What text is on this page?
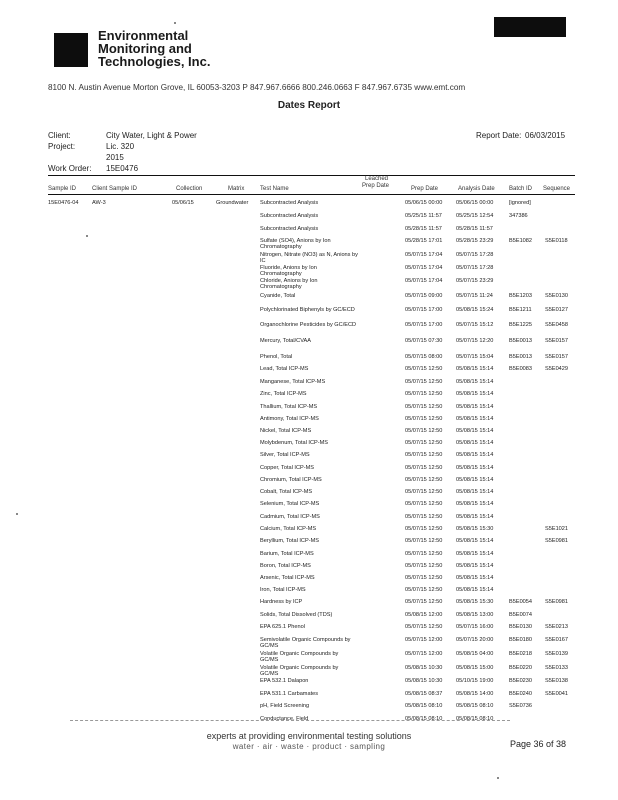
Environmental
Monitoring and
Technologies, Inc.
8100 N. Austin Avenue Morton Grove, IL 60053-3203 P 847.967.6666 800.246.0663 F 847.967.6735 www.emt.com
Dates Report
Client:	City Water, Light & Power
Project:	Lic. 320
2015
Work Order: 15E0476
Report Date: 06/03/2015
Sample ID	Client Sample ID	Collection	Matrix	Test Name
Leached
Prep Date	Prep Date	Analysis Date Batch ID Sequence
15E0476-04 AW-3	05/06/15	Groundwater Subcontracted Analysis	05/06/15 00:00 05/06/15 00:00	[ignored]
Subcontracted Analysis	05/25/15 11:57	05/25/15 12:54	347386
Subcontracted Analysis	05/28/15 11:57	05/28/15 11:57
Sulfate (SO4), Anions by Ion Chromatography
05/28/15 17:01 05/28/15 23:29	B5E1082 S5E0118
Nitrogen, Nitrate (NO3) as N, Anions by IC
05/07/15 17:04 05/07/15 17:28
Fluoride, Anions by Ion Chromatography
05/07/15 17:04 05/07/15 17:28
Chloride, Anions by Ion Chromatography
05/07/15 17:04 05/07/15 23:29
Cyanide, Total	05/07/15 09:00 05/07/15 11:24	B5E1203 S5E0130
Polychlorinated Biphenyls by GC/ECD	05/07/15 17:00 05/08/15 15:24	B5E1211 S5E0127
Organochlorine Pesticides by GC/ECD	05/07/15 17:00 05/07/15 15:12	B5E1225 S5E0458
Mercury, Total/CVAA	05/07/15 07:30 05/07/15 12:20	B5E0013 S5E0157
Phenol, Total	05/07/15 08:00 05/07/15 15:04	B5E0013 S5E0157
Lead, Total ICP-MS	05/07/15 12:50 05/08/15 15:14	B5E0083 S5E0429
Manganese, Total ICP-MS	05/07/15 12:50 05/08/15 15:14
Zinc, Total ICP-MS	05/07/15 12:50 05/08/15 15:14
Thallium, Total ICP-MS	05/07/15 12:50 05/08/15 15:14
Antimony, Total ICP-MS	05/07/15 12:50 05/08/15 15:14
Nickel, Total ICP-MS	05/07/15 12:50 05/08/15 15:14
Molybdenum, Total ICP-MS	05/07/15 12:50 05/08/15 15:14
Silver, Total ICP-MS	05/07/15 12:50 05/08/15 15:14
Copper, Total ICP-MS	05/07/15 12:50 05/08/15 15:14
Chromium, Total ICP-MS	05/07/15 12:50 05/08/15 15:14
Cobalt, Total ICP-MS	05/07/15 12:50 05/08/15 15:14
Selenium, Total ICP-MS	05/07/15 12:50 05/08/15 15:14
Cadmium, Total ICP-MS	05/07/15 12:50 05/08/15 15:14
Calcium, Total ICP-MS	05/07/15 12:50 05/08/15 15:30	S5E1021
Beryllium, Total ICP-MS	05/07/15 12:50 05/08/15 15:14	S5E0981
Barium, Total ICP-MS	05/07/15 12:50 05/08/15 15:14
Boron, Total ICP-MS	05/07/15 12:50 05/08/15 15:14
Arsenic, Total ICP-MS	05/07/15 12:50 05/08/15 15:14
Iron, Total ICP-MS	05/07/15 12:50 05/08/15 15:14
Hardness by ICP	05/07/15 12:50 05/08/15 15:30	B5E0054 S5E0981
Solids, Total Dissolved (TDS)	05/08/15 12:00 05/08/15 13:00	B5E0074
EPA 625.1 Phenol	05/07/15 12:50 05/07/15 16:00	B5E0130 S5E0213
Semivolatile Organic Compounds by GC/MS
05/07/15 12:00 05/07/15 20:00	B5E0180 S5E0167
Volatile Organic Compounds by GC/MS
05/07/15 12:00 05/08/15 04:00	B5E0218 S5E0139
Volatile Organic Compounds by GC/MS
05/08/15 10:30 05/08/15 15:00	B5E0220 S5E0133
EPA 532.1 Dalapon	05/08/15 10:30 05/10/15 19:00	B5E0230 S5E0138
EPA 531.1 Carbamates	05/08/15 08:37 05/08/15 14:00	B5E0240 S5E0041
pH, Field Screening	05/08/15 08:10 05/08/15 08:10	S5E0736
Conductance, Field	05/08/15 08:10 05/08/15 08:10
experts at providing environmental testing solutions
water · air · waste · product · sampling	Page 36 of 38
